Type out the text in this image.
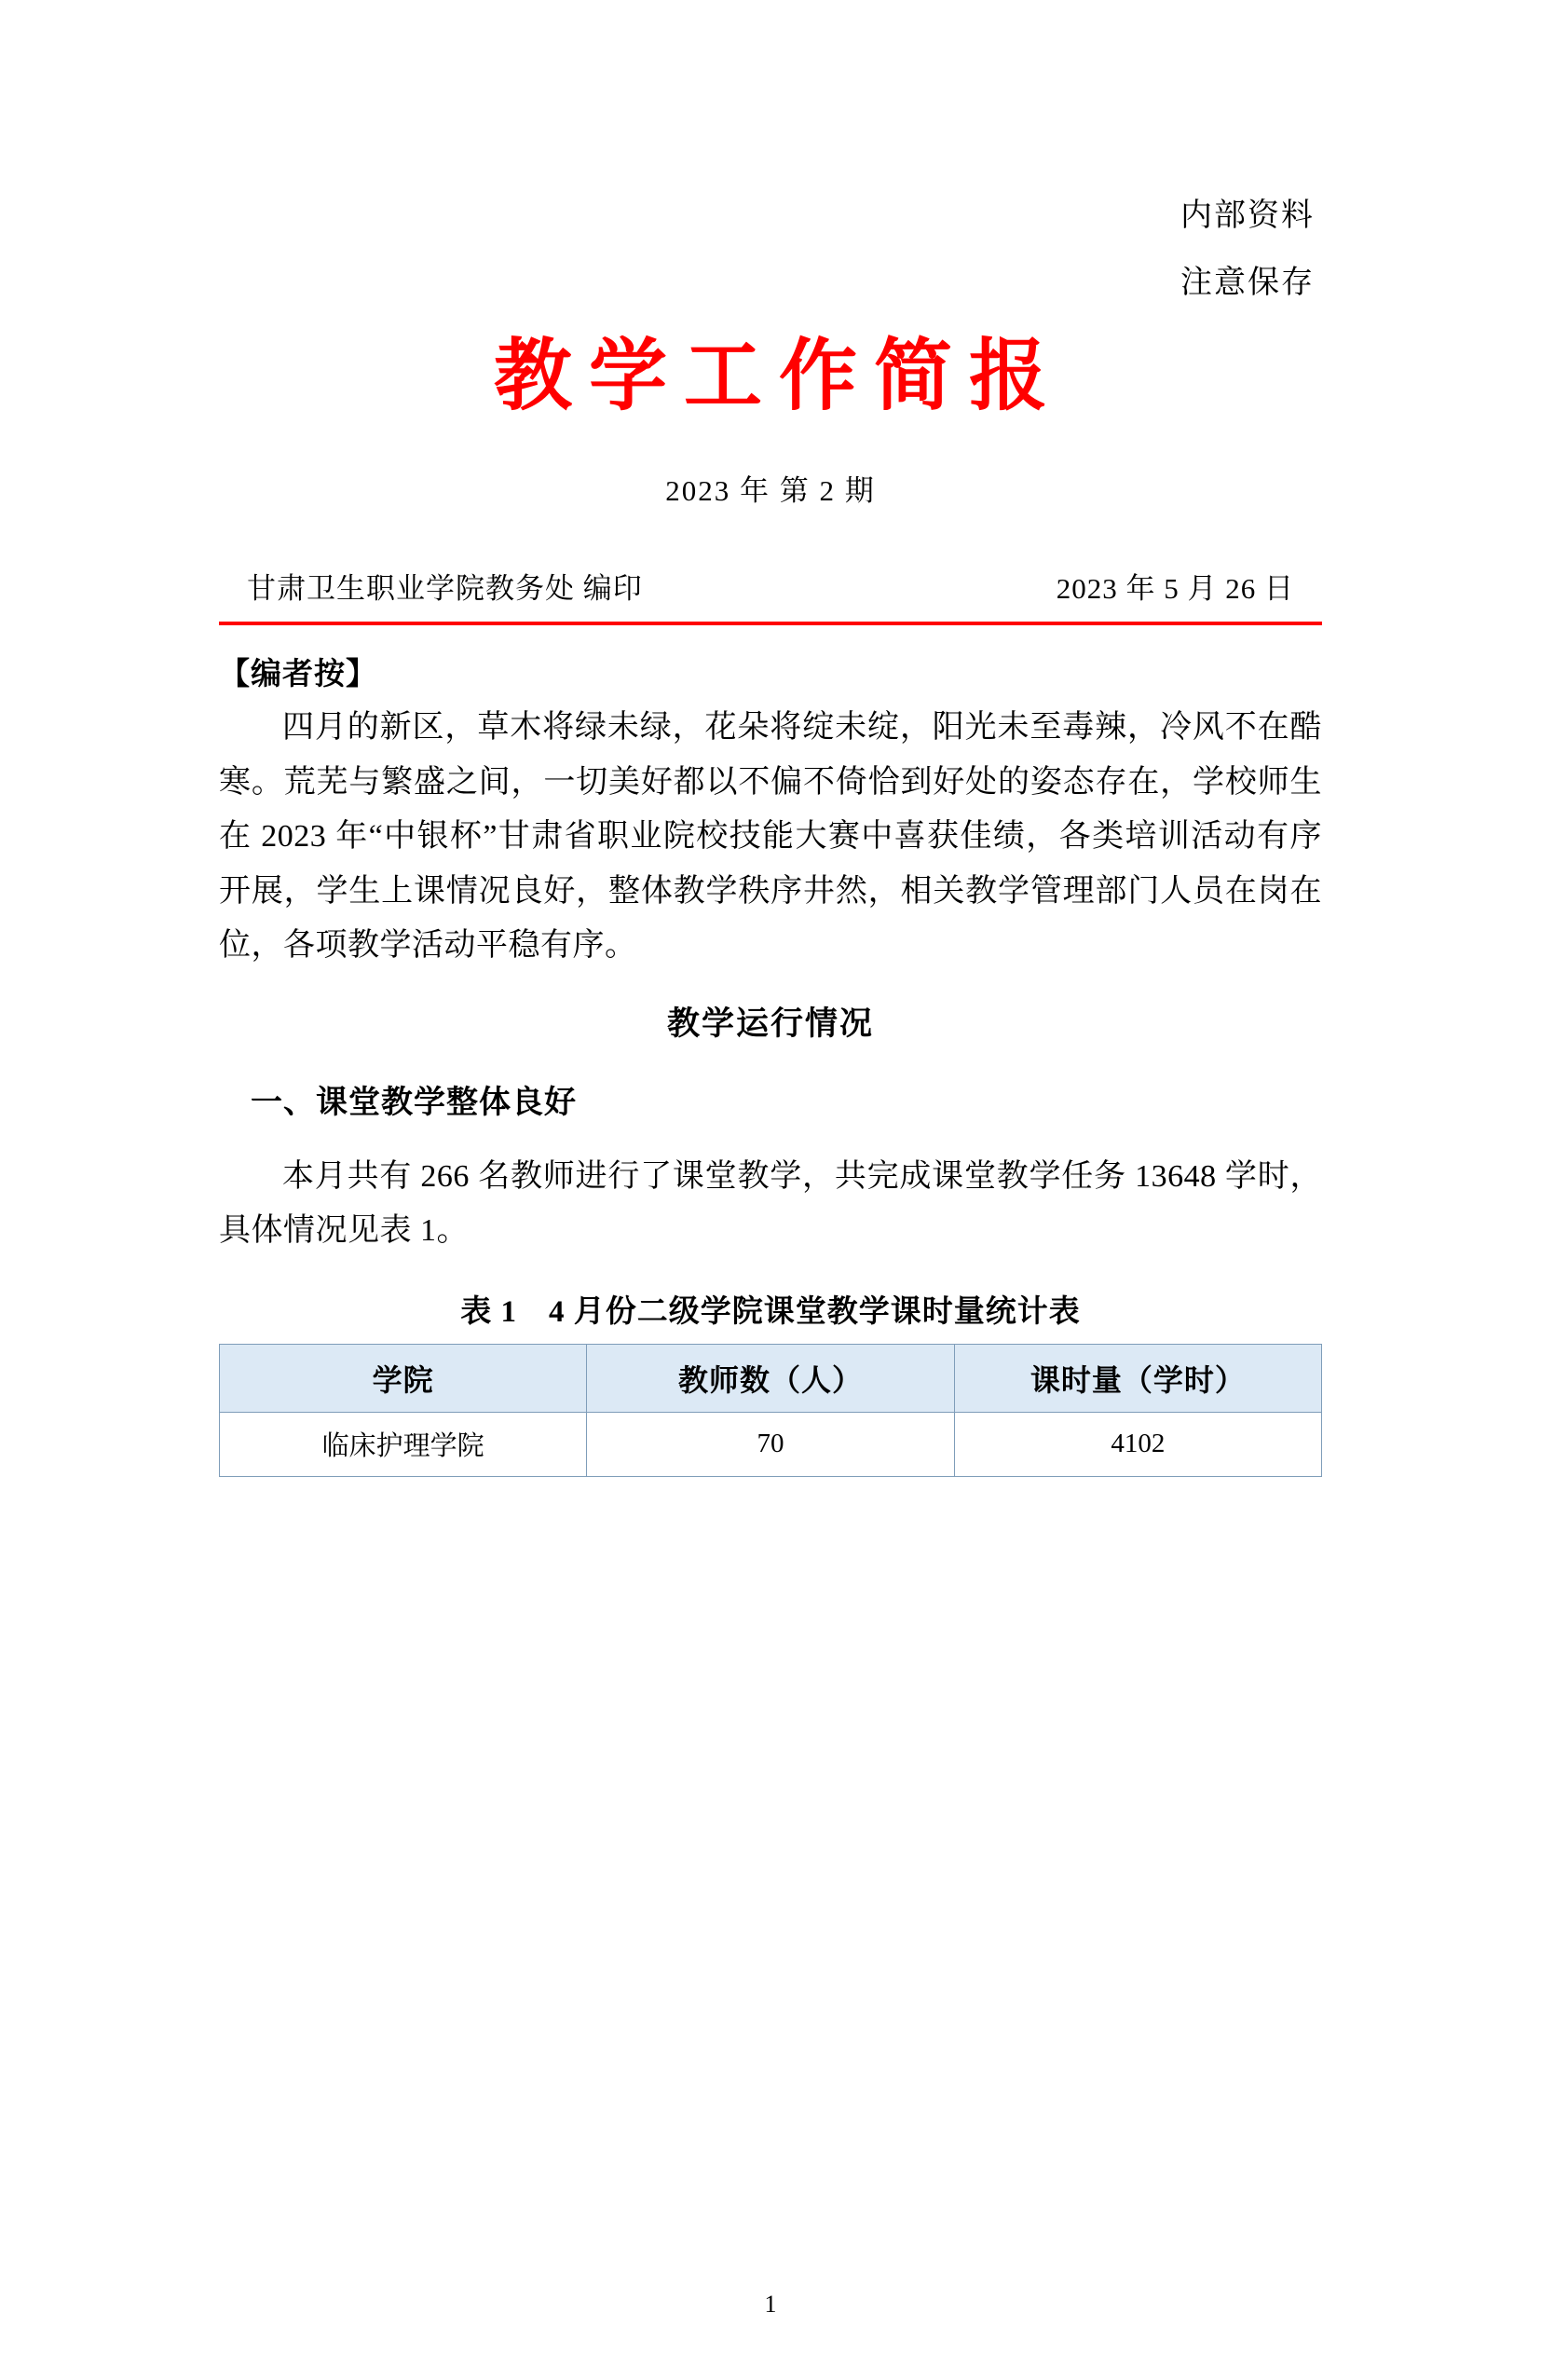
内部资料
注意保存
教学工作简报
2023 年 第 2 期
甘肃卫生职业学院教务处 编印	2023 年 5 月 26 日
【编者按】
四月的新区，草木将绿未绿，花朵将绽未绽，阳光未至毒辣，冷风不在酷寒。荒芜与繁盛之间，一切美好都以不偏不倚恰到好处的姿态存在，学校师生在 2023 年“中银杯”甘肃省职业院校技能大赛中喜获佳绩，各类培训活动有序开展，学生上课情况良好，整体教学秩序井然，相关教学管理部门人员在岗在位，各项教学活动平稳有序。
教学运行情况
一、课堂教学整体良好
本月共有 266 名教师进行了课堂教学，共完成课堂教学任务 13648 学时，具体情况见表 1。
表 1　4 月份二级学院课堂教学课时量统计表
学院	教师数（人）	课时量（学时）
临床护理学院	70	4102
1
